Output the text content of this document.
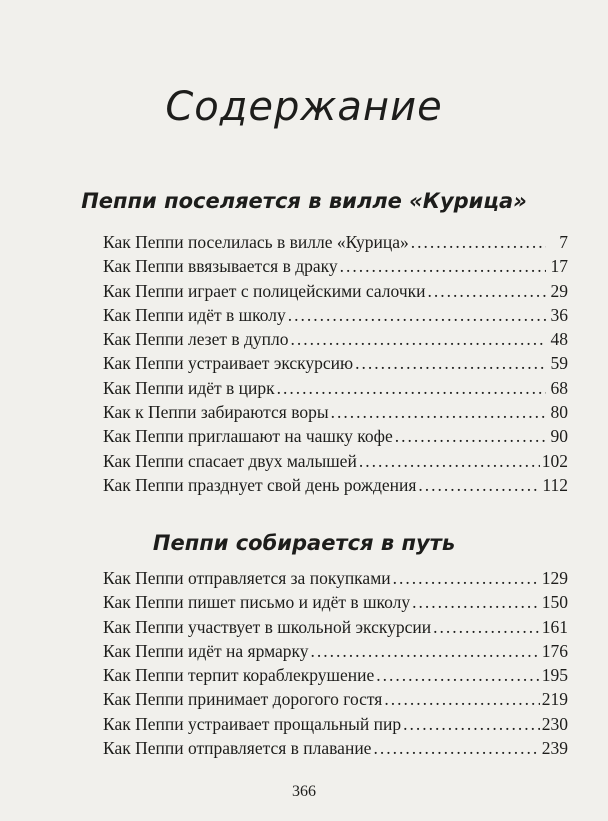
Содержание
Пеппи поселяется в вилле «Курица»
Как Пеппи поселилась в вилле «Курица» .....	7
Как Пеппи ввязывается в драку .....	17
Как Пеппи играет с полицейскими салочки .....	29
Как Пеппи идёт в школу .....	36
Как Пеппи лезет в дупло .....	48
Как Пеппи устраивает экскурсию .....	59
Как Пеппи идёт в цирк .....	68
Как к Пеппи забираются воры .....	80
Как Пеппи приглашают на чашку кофе .....	90
Как Пеппи спасает двух малышей .....	102
Как Пеппи празднует свой день рождения .....	112
Пеппи собирается в путь
Как Пеппи отправляется за покупками .....	129
Как Пеппи пишет письмо и идёт в школу .....	150
Как Пеппи участвует в школьной экскурсии .....	161
Как Пеппи идёт на ярмарку .....	176
Как Пеппи терпит кораблекрушение .....	195
Как Пеппи принимает дорогого гостя .....	219
Как Пеппи устраивает прощальный пир .....	230
Как Пеппи отправляется в плавание .....	239
366
